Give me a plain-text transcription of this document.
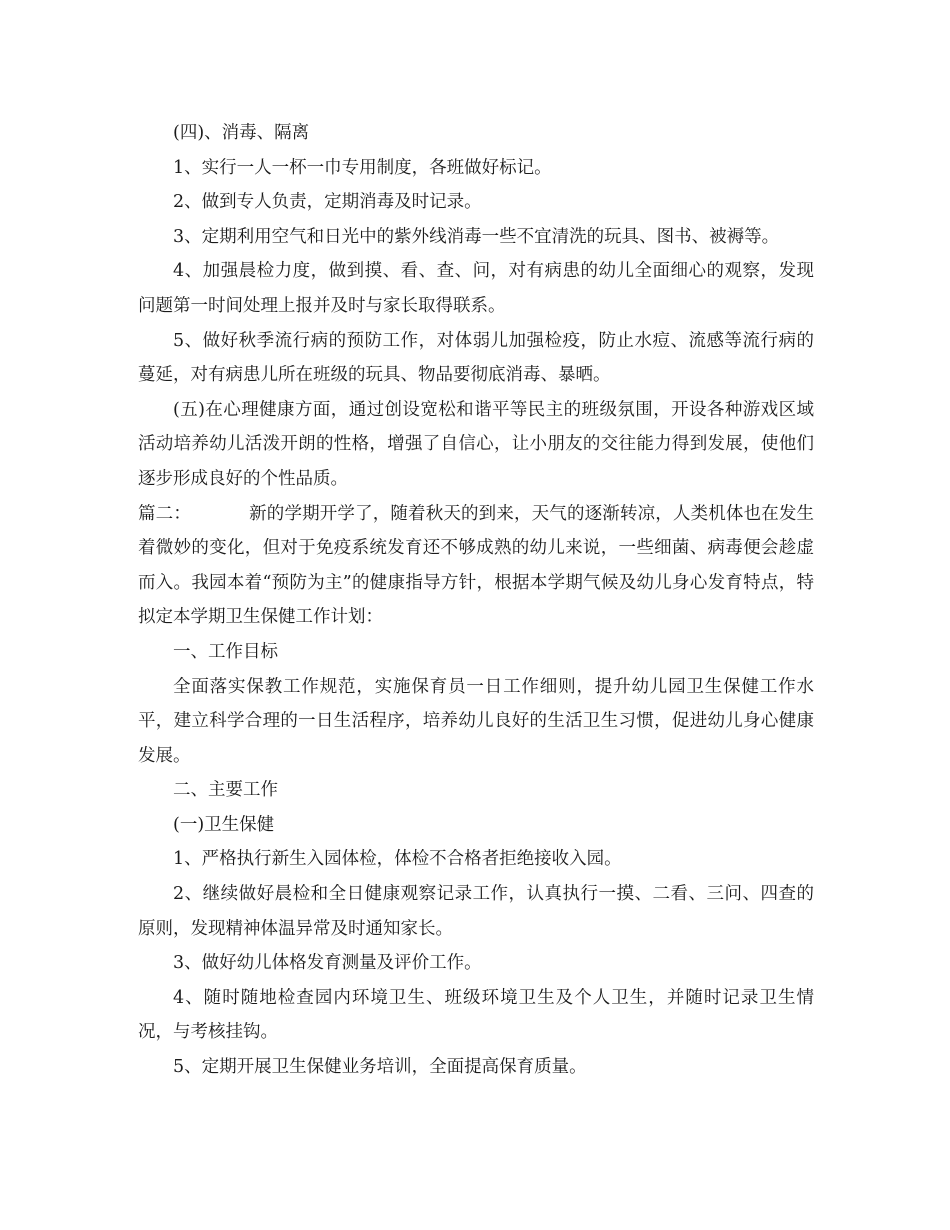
(四)、消毒、隔离

1、实行一人一杯一巾专用制度，各班做好标记。

2、做到专人负责，定期消毒及时记录。

3、定期利用空气和日光中的紫外线消毒一些不宜清洗的玩具、图书、被褥等。

4、加强晨检力度，做到摸、看、查、问，对有病患的幼儿全面细心的观察，发现问题第一时间处理上报并及时与家长取得联系。

5、做好秋季流行病的预防工作，对体弱儿加强检疫，防止水痘、流感等流行病的蔓延，对有病患儿所在班级的玩具、物品要彻底消毒、暴晒。

(五)在心理健康方面，通过创设宽松和谐平等民主的班级氛围，开设各种游戏区域活动培养幼儿活泼开朗的性格，增强了自信心，让小朋友的交往能力得到发展，使他们逐步形成良好的个性品质。

篇二：	新的学期开学了，随着秋天的到来，天气的逐渐转凉，人类机体也在发生着微妙的变化，但对于免疫系统发育还不够成熟的幼儿来说，一些细菌、病毒便会趁虚而入。我园本着“预防为主”的健康指导方针，根据本学期气候及幼儿身心发育特点，特拟定本学期卫生保健工作计划：

一、工作目标

全面落实保教工作规范，实施保育员一日工作细则，提升幼儿园卫生保健工作水平，建立科学合理的一日生活程序，培养幼儿良好的生活卫生习惯，促进幼儿身心健康发展。

二、主要工作

(一)卫生保健

1、严格执行新生入园体检，体检不合格者拒绝接收入园。

2、继续做好晨检和全日健康观察记录工作，认真执行一摸、二看、三问、四查的原则，发现精神体温异常及时通知家长。

3、做好幼儿体格发育测量及评价工作。

4、随时随地检查园内环境卫生、班级环境卫生及个人卫生，并随时记录卫生情况，与考核挂钩。

5、定期开展卫生保健业务培训，全面提高保育质量。
